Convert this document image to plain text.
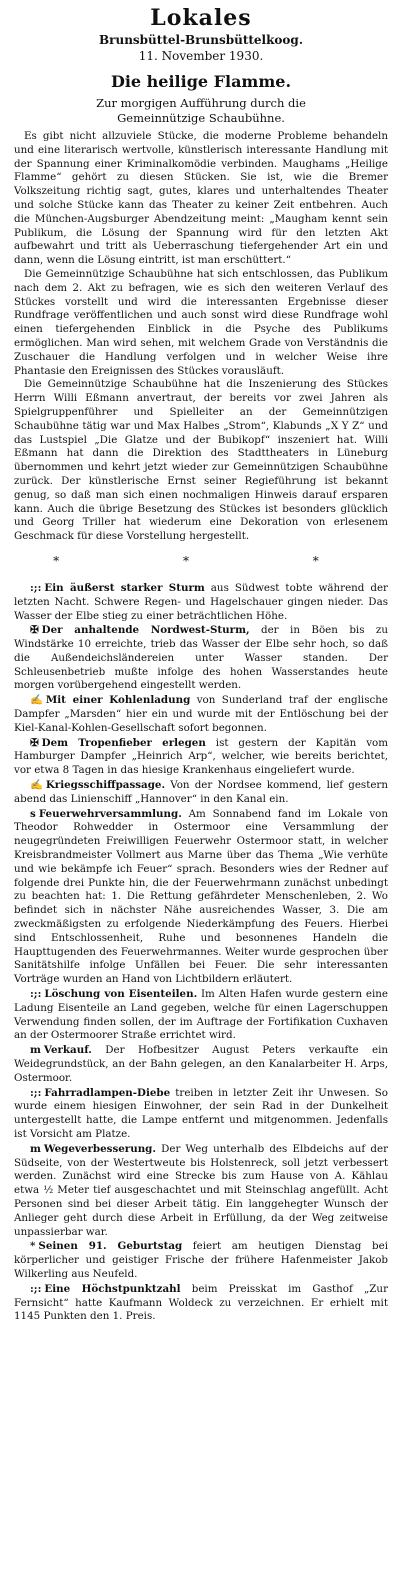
Lokales
Brunsbüttel-Brunsbüttelkoog.
11. November 1930.
Die heilige Flamme.
Zur morgigen Aufführung durch die
Gemeinnützige Schaubühne.

Es gibt nicht allzuviele Stücke, die moderne Probleme behandeln und eine literarisch wertvolle, künstlerisch interessante Handlung mit der Spannung einer Kriminalkomödie verbinden. Maughams „Heilige Flamme“ gehört zu diesen Stücken. Sie ist, wie die Bremer Volkszeitung richtig sagt, gutes, klares und unterhaltendes Theater und solche Stücke kann das Theater zu keiner Zeit entbehren. Auch die München-Augsburger Abendzeitung meint: „Maugham kennt sein Publikum, die Lösung der Spannung wird für den letzten Akt aufbewahrt und tritt als Ueberraschung tiefergehender Art ein und dann, wenn die Lösung eintritt, ist man erschüttert.“

Die Gemeinnützige Schaubühne hat sich entschlossen, das Publikum nach dem 2. Akt zu befragen, wie es sich den weiteren Verlauf des Stückes vorstellt und wird die interessanten Ergebnisse dieser Rundfrage veröffentlichen und auch sonst wird diese Rundfrage wohl einen tiefergehenden Einblick in die Psyche des Publikums ermöglichen. Man wird sehen, mit welchem Grade von Verständnis die Zuschauer die Handlung verfolgen und in welcher Weise ihre Phantasie den Ereignissen des Stückes vorausläuft.

Die Gemeinnützige Schaubühne hat die Inszenierung des Stückes Herrn Willi Eßmann anvertraut, der bereits vor zwei Jahren als Spielgruppenführer und Spielleiter an der Gemeinnützigen Schaubühne tätig war und Max Halbes „Strom“, Klabunds „X Y Z“ und das Lustspiel „Die Glatze und der Bubikopf“ inszeniert hat. Willi Eßmann hat dann die Direktion des Stadttheaters in Lüneburg übernommen und kehrt jetzt wieder zur Gemeinnützigen Schaubühne zurück. Der künstlerische Ernst seiner Regieführung ist bekannt genug, so daß man sich einen nochmaligen Hinweis darauf ersparen kann. Auch die übrige Besetzung des Stückes ist besonders glücklich und Georg Triller hat wiederum eine Dekoration von erlesenem Geschmack für diese Vorstellung hergestellt.

* * *

:;: Ein äußerst starker Sturm aus Südwest tobte während der letzten Nacht. Schwere Regen- und Hagelschauer gingen nieder. Das Wasser der Elbe stieg zu einer beträchtlichen Höhe.

✠ Der anhaltende Nordwest-Sturm, der in Böen bis zu Windstärke 10 erreichte, trieb das Wasser der Elbe sehr hoch, so daß die Außendeichsländereien unter Wasser standen. Der Schleusenbetrieb mußte infolge des hohen Wasserstandes heute morgen vorübergehend eingestellt werden.

✍ Mit einer Kohlenladung von Sunderland traf der englische Dampfer „Marsden“ hier ein und wurde mit der Entlöschung bei der Kiel-Kanal-Kohlen-Gesellschaft sofort begonnen.

✠ Dem Tropenfieber erlegen ist gestern der Kapitän vom Hamburger Dampfer „Heinrich Arp“, welcher, wie bereits berichtet, vor etwa 8 Tagen in das hiesige Krankenhaus eingeliefert wurde.

✍ Kriegsschiffpassage. Von der Nordsee kommend, lief gestern abend das Linienschiff „Hannover“ in den Kanal ein.

s Feuerwehrversammlung. Am Sonnabend fand im Lokale von Theodor Rohwedder in Ostermoor eine Versammlung der neugegründeten Freiwilligen Feuerwehr Ostermoor statt, in welcher Kreisbrandmeister Vollmert aus Marne über das Thema „Wie verhüte und wie bekämpfe ich Feuer“ sprach. Besonders wies der Redner auf folgende drei Punkte hin, die der Feuerwehrmann zunächst unbedingt zu beachten hat: 1. Die Rettung gefährdeter Menschenleben, 2. Wo befindet sich in nächster Nähe ausreichendes Wasser, 3. Die am zweckmäßigsten zu erfolgende Niederkämpfung des Feuers. Hierbei sind Entschlossenheit, Ruhe und besonnenes Handeln die Haupttugenden des Feuerwehrmannes. Weiter wurde gesprochen über Sanitätshilfe infolge Unfällen bei Feuer. Die sehr interessanten Vorträge wurden an Hand von Lichtbildern erläutert.

:;: Löschung von Eisenteilen. Im Alten Hafen wurde gestern eine Ladung Eisenteile an Land gegeben, welche für einen Lagerschuppen Verwendung finden sollen, der im Auftrage der Fortifikation Cuxhaven an der Ostermoorer Straße errichtet wird.

m Verkauf. Der Hofbesitzer August Peters verkaufte ein Weidegrundstück, an der Bahn gelegen, an den Kanalarbeiter H. Arps, Ostermoor.

:;: Fahrradlampen-Diebe treiben in letzter Zeit ihr Unwesen. So wurde einem hiesigen Einwohner, der sein Rad in der Dunkelheit untergestellt hatte, die Lampe entfernt und mitgenommen. Jedenfalls ist Vorsicht am Platze.

m Wegeverbesserung. Der Weg unterhalb des Elbdeichs auf der Südseite, von der Westertweute bis Holstenreck, soll jetzt verbessert werden. Zunächst wird eine Strecke bis zum Hause von A. Kählau etwa ½ Meter tief ausgeschachtet und mit Steinschlag angefüllt. Acht Personen sind bei dieser Arbeit tätig. Ein langgehegter Wunsch der Anlieger geht durch diese Arbeit in Erfüllung, da der Weg zeitweise unpassierbar war.

* Seinen 91. Geburtstag feiert am heutigen Dienstag bei körperlicher und geistiger Frische der frühere Hafenmeister Jakob Wilkerling aus Neufeld.

:;: Eine Höchstpunktzahl beim Preisskat im Gasthof „Zur Fernsicht“ hatte Kaufmann Woldeck zu verzeichnen. Er erhielt mit 1145 Punkten den 1. Preis.
